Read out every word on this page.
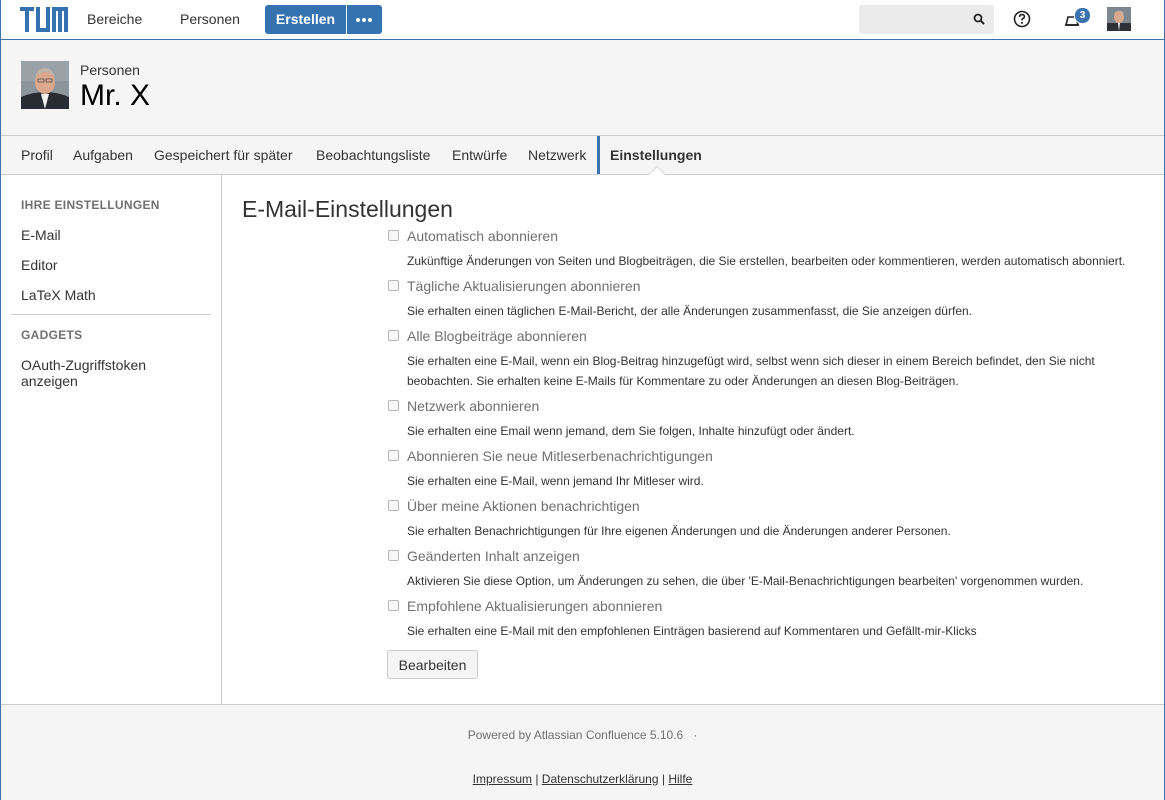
Bereiche	Personen	Erstellen	3
Personen
Mr. X
Profil Aufgaben Gespeichert für später Beobachtungsliste Entwürfe Netzwerk Einstellungen
IHRE EINSTELLUNGEN
E-Mail
Editor
LaTeX Math
GADGETS
OAuth-Zugriffstoken anzeigen
E-Mail-Einstellungen
Automatisch abonnieren
Zukünftige Änderungen von Seiten und Blogbeiträgen, die Sie erstellen, bearbeiten oder kommentieren, werden automatisch abonniert.
Tägliche Aktualisierungen abonnieren
Sie erhalten einen täglichen E-Mail-Bericht, der alle Änderungen zusammenfasst, die Sie anzeigen dürfen.
Alle Blogbeiträge abonnieren
Sie erhalten eine E-Mail, wenn ein Blog-Beitrag hinzugefügt wird, selbst wenn sich dieser in einem Bereich befindet, den Sie nicht beobachten. Sie erhalten keine E-Mails für Kommentare zu oder Änderungen an diesen Blog-Beiträgen.
Netzwerk abonnieren
Sie erhalten eine Email wenn jemand, dem Sie folgen, Inhalte hinzufügt oder ändert.
Abonnieren Sie neue Mitleserbenachrichtigungen
Sie erhalten eine E-Mail, wenn jemand Ihr Mitleser wird.
Über meine Aktionen benachrichtigen
Sie erhalten Benachrichtigungen für Ihre eigenen Änderungen und die Änderungen anderer Personen.
Geänderten Inhalt anzeigen
Aktivieren Sie diese Option, um Änderungen zu sehen, die über 'E-Mail-Benachrichtigungen bearbeiten' vorgenommen wurden.
Empfohlene Aktualisierungen abonnieren
Sie erhalten eine E-Mail mit den empfohlenen Einträgen basierend auf Kommentaren und Gefällt-mir-Klicks
Bearbeiten
Powered by Atlassian Confluence 5.10.6 ·
Impressum | Datenschutzerklärung | Hilfe
